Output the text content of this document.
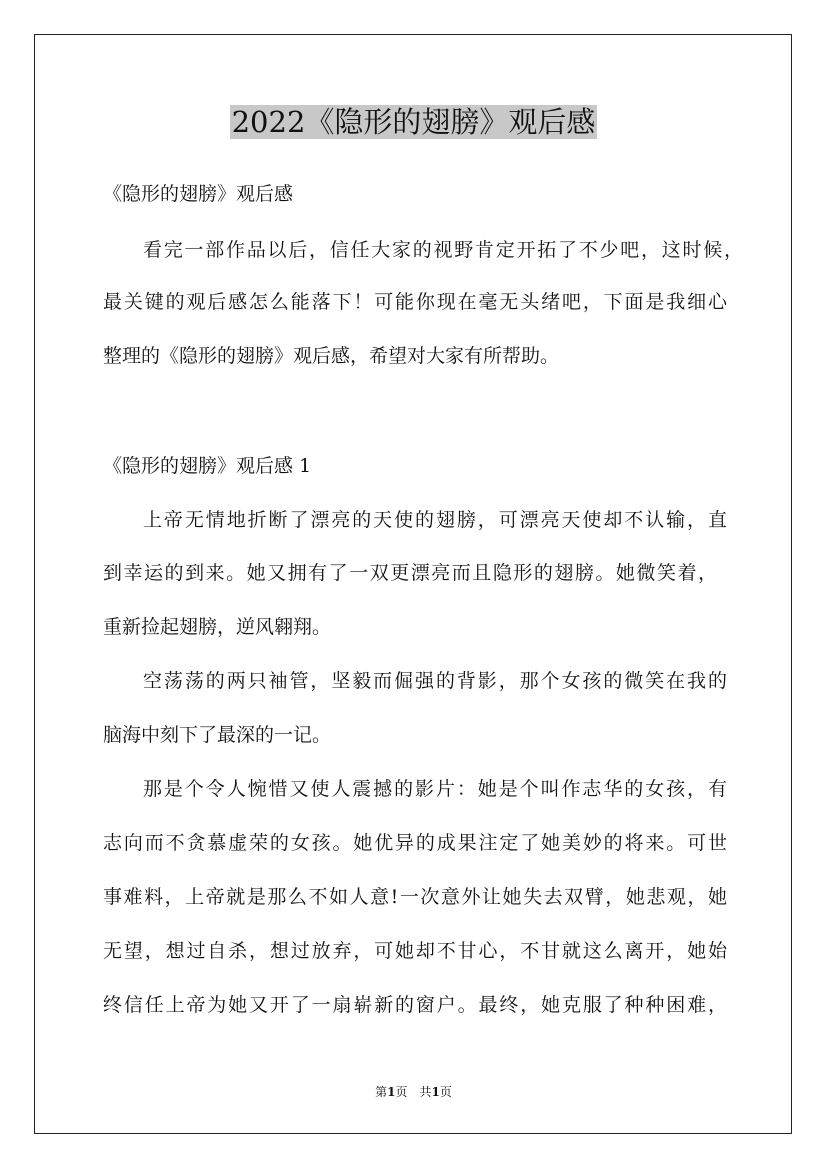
2022《隐形的翅膀》观后感
《隐形的翅膀》观后感
看完一部作品以后，信任大家的视野肯定开拓了不少吧，这时候，
最关键的观后感怎么能落下！可能你现在毫无头绪吧，下面是我细心
整理的《隐形的翅膀》观后感，希望对大家有所帮助。
《隐形的翅膀》观后感 1
上帝无情地折断了漂亮的天使的翅膀，可漂亮天使却不认输，直
到幸运的到来。她又拥有了一双更漂亮而且隐形的翅膀。她微笑着，
重新捡起翅膀，逆风翱翔。
空荡荡的两只袖管，坚毅而倔强的背影，那个女孩的微笑在我的
脑海中刻下了最深的一记。
那是个令人惋惜又使人震撼的影片：她是个叫作志华的女孩，有
志向而不贪慕虚荣的女孩。她优异的成果注定了她美妙的将来。可世
事难料，上帝就是那么不如人意!一次意外让她失去双臂，她悲观，她
无望，想过自杀，想过放弃，可她却不甘心，不甘就这么离开，她始
终信任上帝为她又开了一扇崭新的窗户。最终，她克服了种种困难，
第1页　共1页
